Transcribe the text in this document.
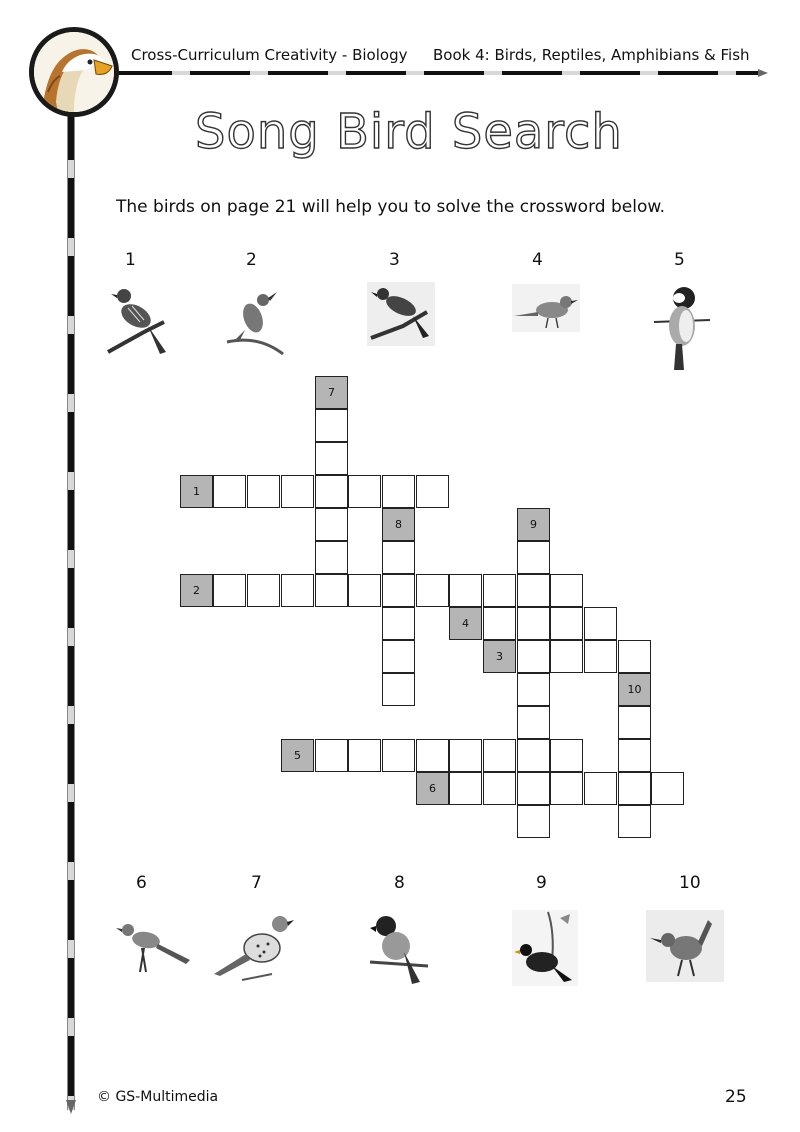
Cross-Curriculum Creativity - Biology Book 4: Birds, Reptiles, Amphibians & Fish
Song Bird Search
The birds on page 21 will help you to solve the crossword below.
1	2	3	4	5
7
1
8	9
2
4
3
10
5
6
6	7	8	9	10
© GS-Multimedia	25
